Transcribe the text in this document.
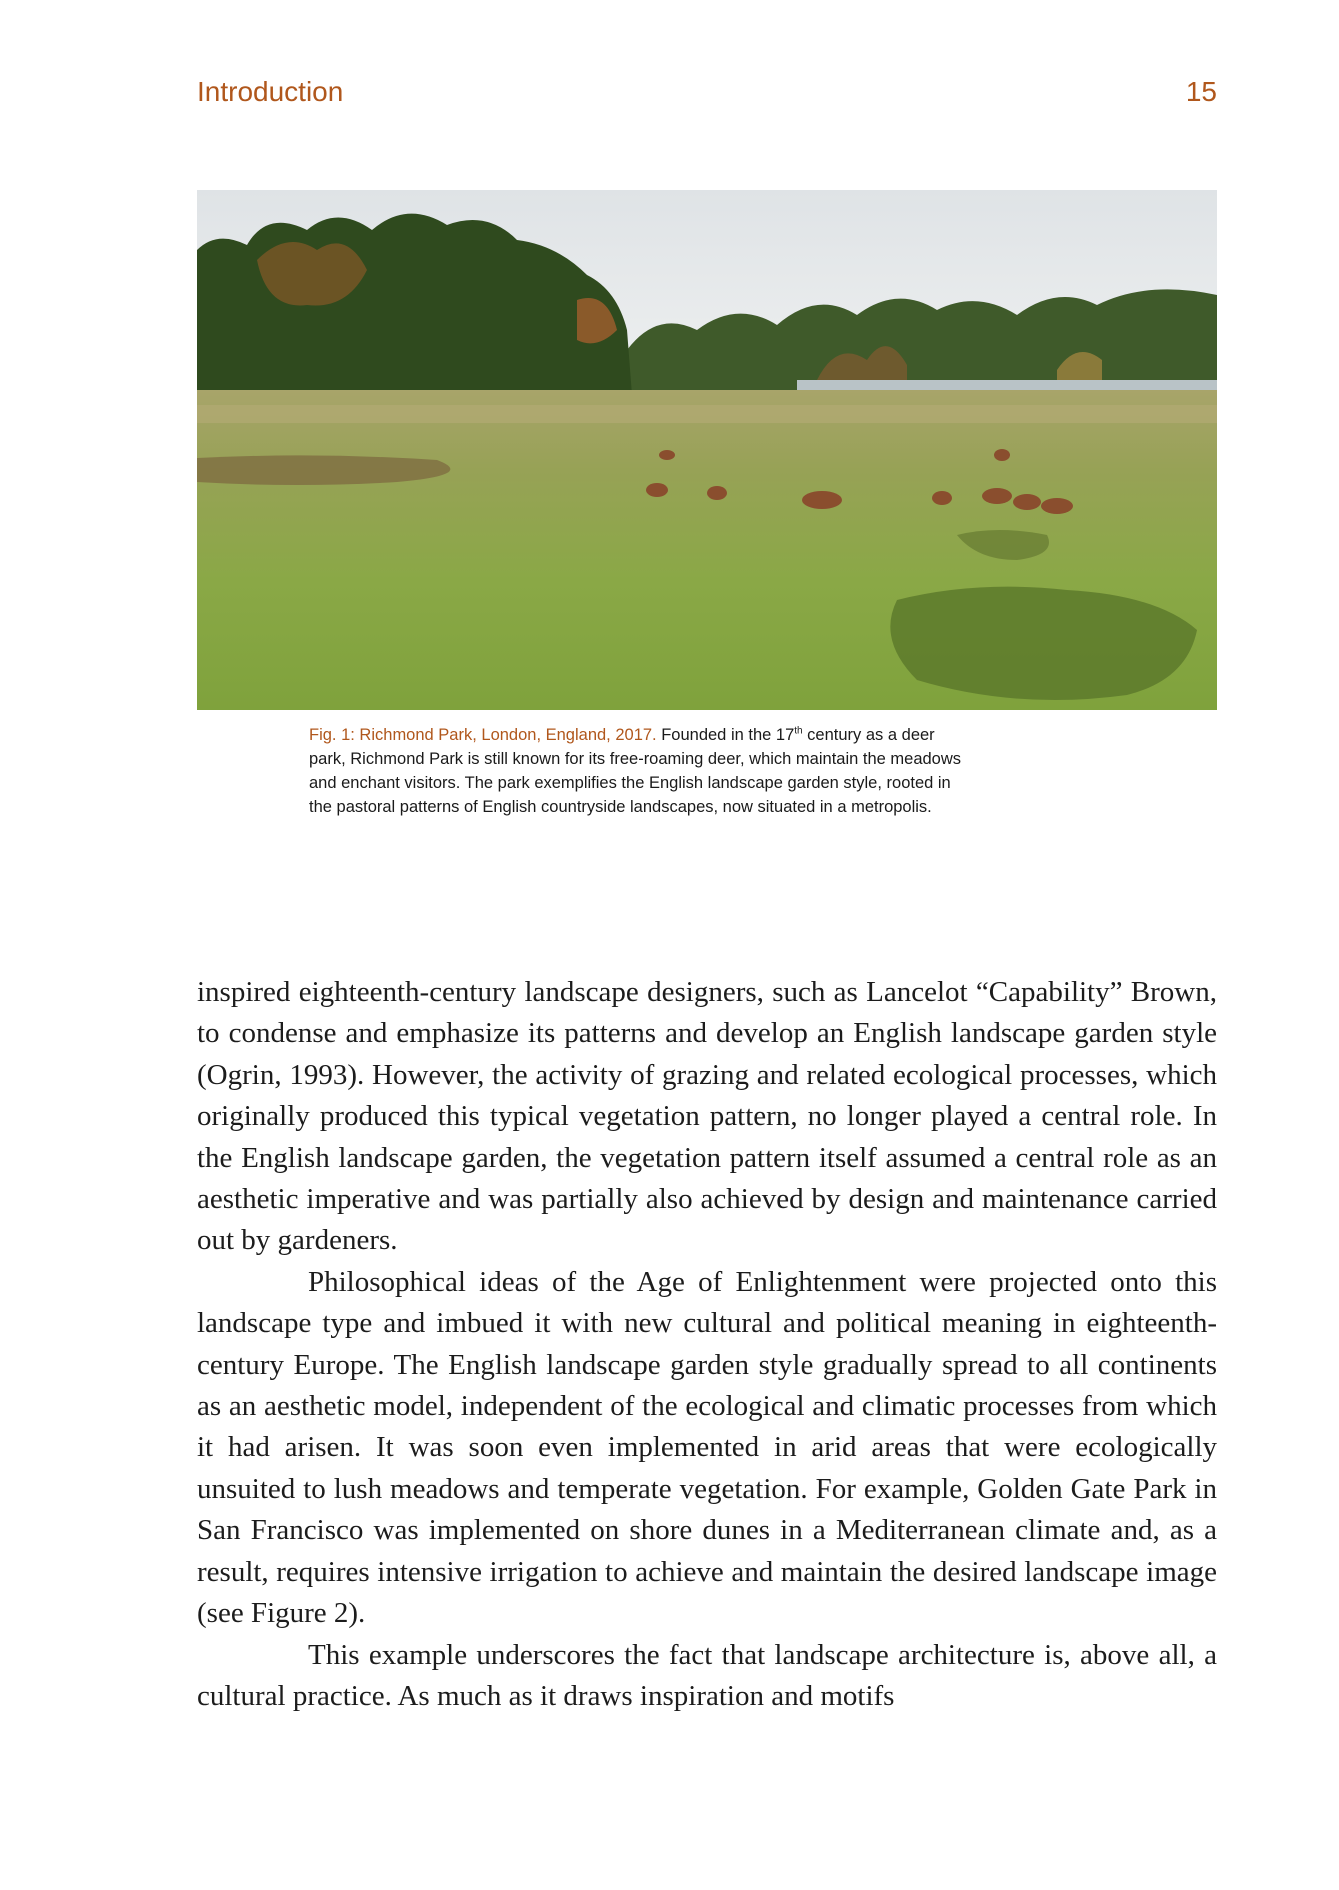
Introduction	15
Fig. 1: Richmond Park, London, England, 2017. Founded in the 17th century as a deer park, Richmond Park is still known for its free-roaming deer, which maintain the meadows and enchant visitors. The park exemplifies the English landscape garden style, rooted in the pastoral patterns of English countryside landscapes, now situated in a metropolis.

inspired eighteenth-century landscape designers, such as Lancelot “Capability” Brown, to condense and emphasize its patterns and develop an English landscape garden style (Ogrin, 1993). However, the activity of grazing and related ecological processes, which originally produced this typical vegetation pattern, no longer played a central role. In the English landscape garden, the vegetation pattern itself assumed a central role as an aesthetic imperative and was partially also achieved by design and maintenance carried out by gardeners.

Philosophical ideas of the Age of Enlightenment were projected onto this landscape type and imbued it with new cultural and political meaning in eighteenth-century Europe. The English landscape garden style gradually spread to all continents as an aesthetic model, independent of the ecological and climatic processes from which it had arisen. It was soon even implemented in arid areas that were ecologically unsuited to lush meadows and temperate vegetation. For example, Golden Gate Park in San Francisco was implemented on shore dunes in a Mediterranean climate and, as a result, requires intensive irrigation to achieve and maintain the desired landscape image (see Figure 2).

This example underscores the fact that landscape architecture is, above all, a cultural practice. As much as it draws inspiration and motifs
